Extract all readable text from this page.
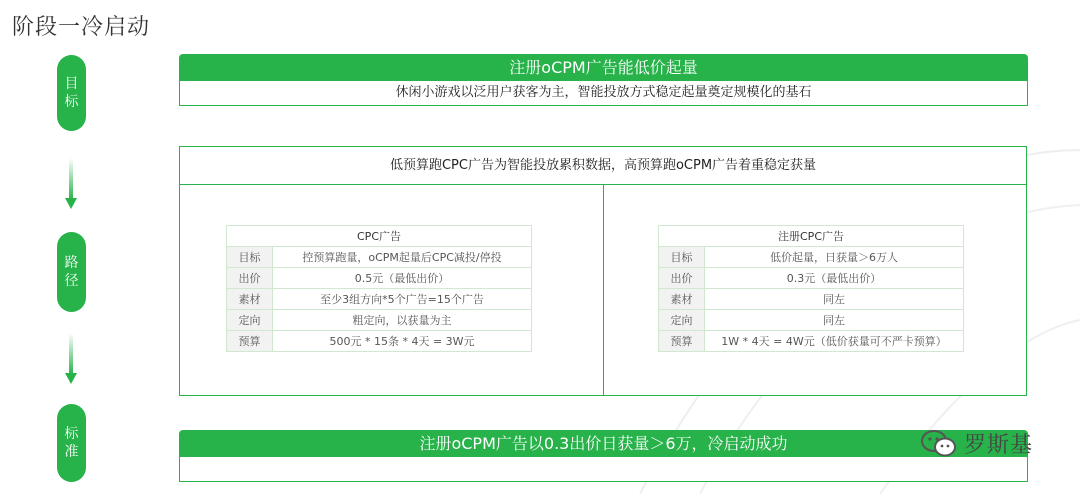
阶段一冷启动
目
标
路
径
标
准
注册oCPM广告能低价起量
休闲小游戏以泛用户获客为主，智能投放方式稳定起量奠定规模化的基石
低预算跑CPC广告为智能投放累积数据，高预算跑oCPM广告着重稳定获量
CPC广告	
目标	控预算跑量，oCPM起量后CPC减投/停投
出价	0.5元（最低出价）
素材	至少3组方向*5个广告=15个广告
定向	粗定向，以获量为主
预算	500元 * 15条 * 4天 = 3W元
注册CPC广告	
目标	低价起量，日获量＞6万人
出价	0.3元（最低出价）
素材	同左
定向	同左
预算	1W * 4天 = 4W元（低价获量可不严卡预算）
注册oCPM广告以0.3出价日获量＞6万，冷启动成功	罗斯基
